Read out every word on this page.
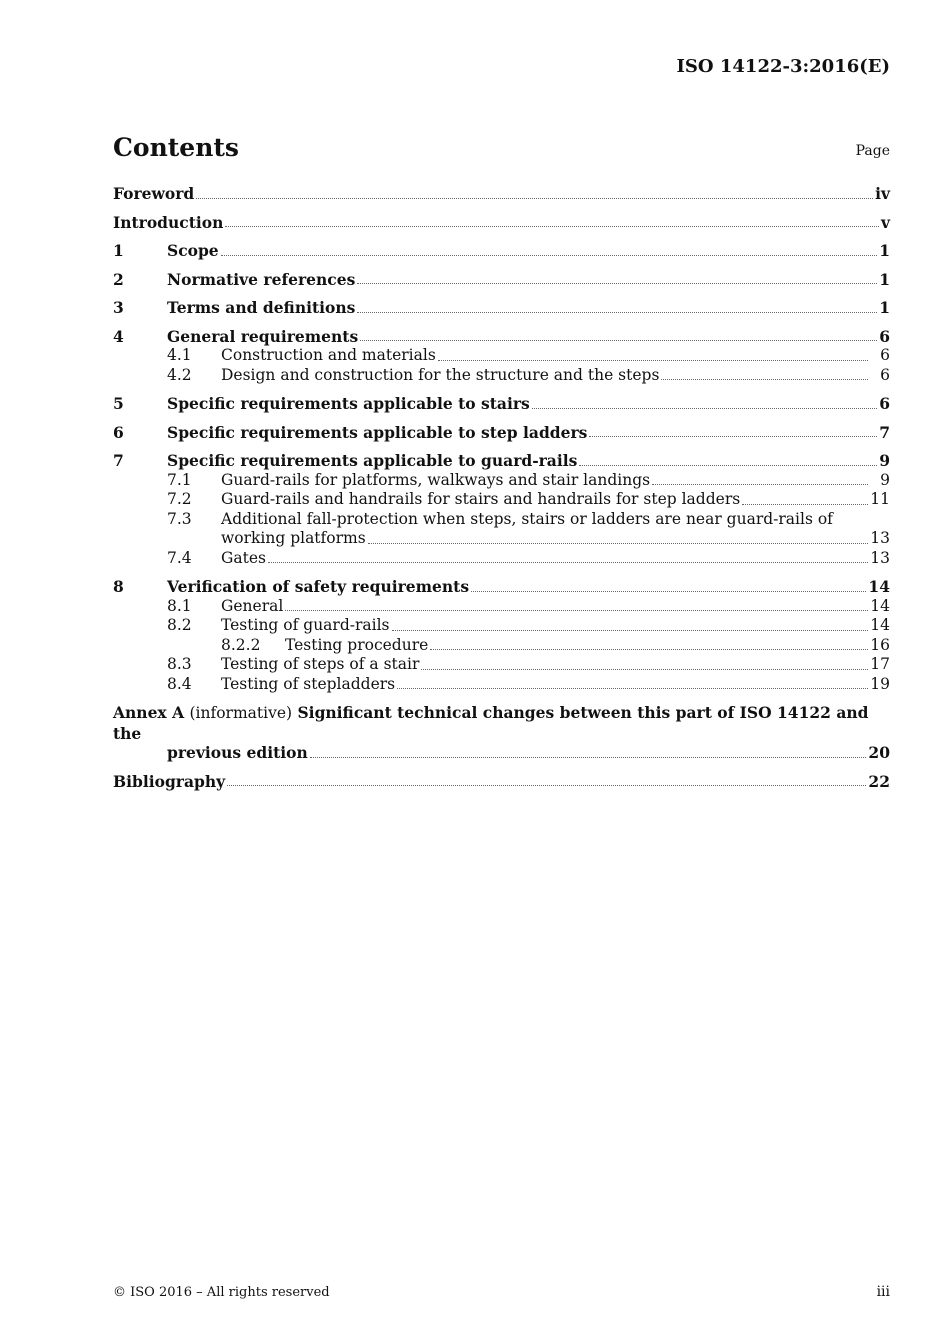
ISO 14122-3:2016(E)
Contents	Page
Foreword	iv
Introduction	v
1	Scope	1
2	Normative references	1
3	Terms and definitions	1
4	General requirements	6
4.1	Construction and materials	6
4.2	Design and construction for the structure and the steps	6
5	Specific requirements applicable to stairs	6
6	Specific requirements applicable to step ladders	7
7	Specific requirements applicable to guard-rails	9
7.1	Guard-rails for platforms, walkways and stair landings	9
7.2	Guard-rails and handrails for stairs and handrails for step ladders	11
7.3	Additional fall-protection when steps, stairs or ladders are near guard-rails of
working platforms	13
7.4	Gates	13
8	Verification of safety requirements	14
8.1	General	14
8.2	Testing of guard-rails	14
8.2.2	Testing procedure	16
8.3	Testing of steps of a stair	17
8.4	Testing of stepladders	19
Annex A (informative) Significant technical changes between this part of ISO 14122 and the
previous edition	20
Bibliography	22
© ISO 2016 – All rights reserved	iii
